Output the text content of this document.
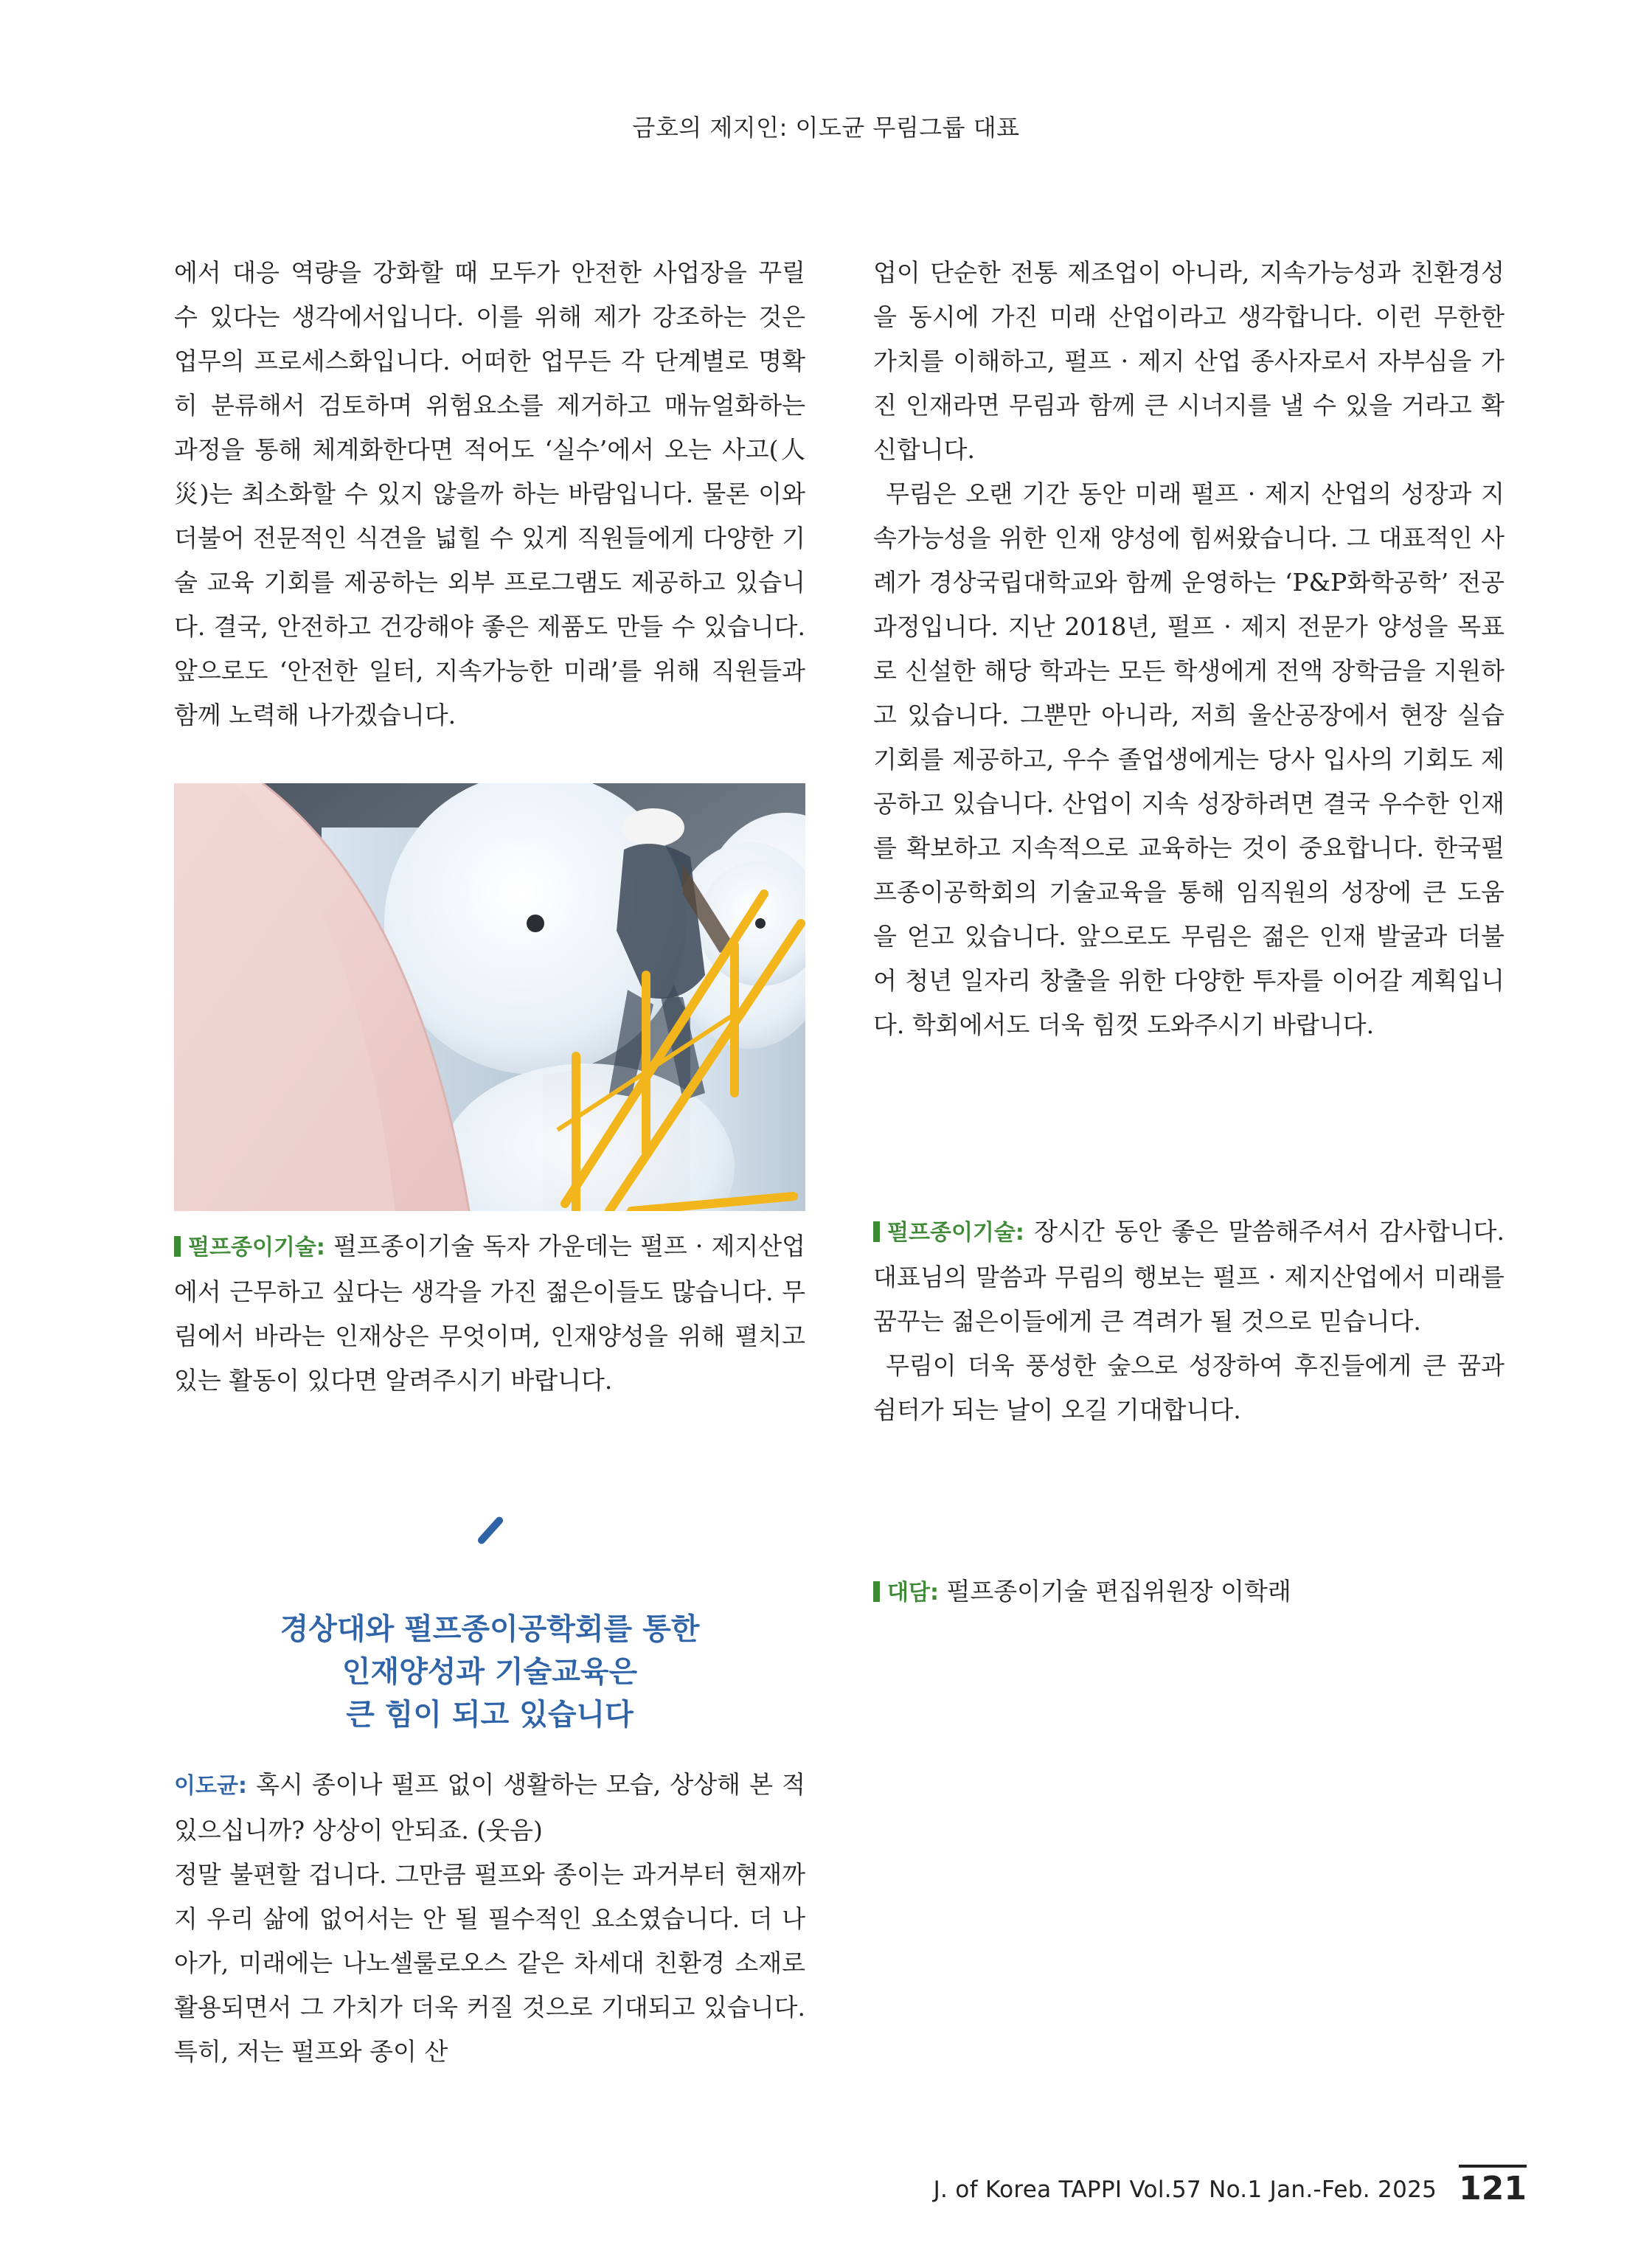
금호의 제지인: 이도균 무림그룹 대표

에서 대응 역량을 강화할 때 모두가 안전한 사업장을 꾸릴 수 있다는 생각에서입니다. 이를 위해 제가 강조하는 것은 업무의 프로세스화입니다. 어떠한 업무든 각 단계별로 명확히 분류해서 검토하며 위험요소를 제거하고 매뉴얼화하는 과정을 통해 체계화한다면 적어도 ‘실수’에서 오는 사고(人災)는 최소화할 수 있지 않을까 하는 바람입니다. 물론 이와 더불어 전문적인 식견을 넓힐 수 있게 직원들에게 다양한 기술 교육 기회를 제공하는 외부 프로그램도 제공하고 있습니다. 결국, 안전하고 건강해야 좋은 제품도 만들 수 있습니다. 앞으로도 ‘안전한 일터, 지속가능한 미래’를 위해 직원들과 함께 노력해 나가겠습니다.

펄프종이기술: 펄프종이기술 독자 가운데는 펄프 · 제지산업에서 근무하고 싶다는 생각을 가진 젊은이들도 많습니다. 무림에서 바라는 인재상은 무엇이며, 인재양성을 위해 펼치고 있는 활동이 있다면 알려주시기 바랍니다.

경상대와 펄프종이공학회를 통한
인재양성과 기술교육은
큰 힘이 되고 있습니다

이도균: 혹시 종이나 펄프 없이 생활하는 모습, 상상해 본 적 있으십니까? 상상이 안되죠. (웃음)

정말 불편할 겁니다. 그만큼 펄프와 종이는 과거부터 현재까지 우리 삶에 없어서는 안 될 필수적인 요소였습니다. 더 나아가, 미래에는 나노셀룰로오스 같은 차세대 친환경 소재로 활용되면서 그 가치가 더욱 커질 것으로 기대되고 있습니다. 특히, 저는 펄프와 종이 산

업이 단순한 전통 제조업이 아니라, 지속가능성과 친환경성을 동시에 가진 미래 산업이라고 생각합니다. 이런 무한한 가치를 이해하고, 펄프 · 제지 산업 종사자로서 자부심을 가진 인재라면 무림과 함께 큰 시너지를 낼 수 있을 거라고 확신합니다.

무림은 오랜 기간 동안 미래 펄프 · 제지 산업의 성장과 지속가능성을 위한 인재 양성에 힘써왔습니다. 그 대표적인 사례가 경상국립대학교와 함께 운영하는 ‘P&P화학공학’ 전공 과정입니다. 지난 2018년, 펄프 · 제지 전문가 양성을 목표로 신설한 해당 학과는 모든 학생에게 전액 장학금을 지원하고 있습니다. 그뿐만 아니라, 저희 울산공장에서 현장 실습 기회를 제공하고, 우수 졸업생에게는 당사 입사의 기회도 제공하고 있습니다. 산업이 지속 성장하려면 결국 우수한 인재를 확보하고 지속적으로 교육하는 것이 중요합니다. 한국펄프종이공학회의 기술교육을 통해 임직원의 성장에 큰 도움을 얻고 있습니다. 앞으로도 무림은 젊은 인재 발굴과 더불어 청년 일자리 창출을 위한 다양한 투자를 이어갈 계획입니다. 학회에서도 더욱 힘껏 도와주시기 바랍니다.

펄프종이기술: 장시간 동안 좋은 말씀해주셔서 감사합니다. 대표님의 말씀과 무림의 행보는 펄프 · 제지산업에서 미래를 꿈꾸는 젊은이들에게 큰 격려가 될 것으로 믿습니다.

무림이 더욱 풍성한 숲으로 성장하여 후진들에게 큰 꿈과 쉼터가 되는 날이 오길 기대합니다.

대담: 펄프종이기술 편집위원장 이학래

J. of Korea TAPPI Vol.57 No.1 Jan.-Feb. 2025 121
